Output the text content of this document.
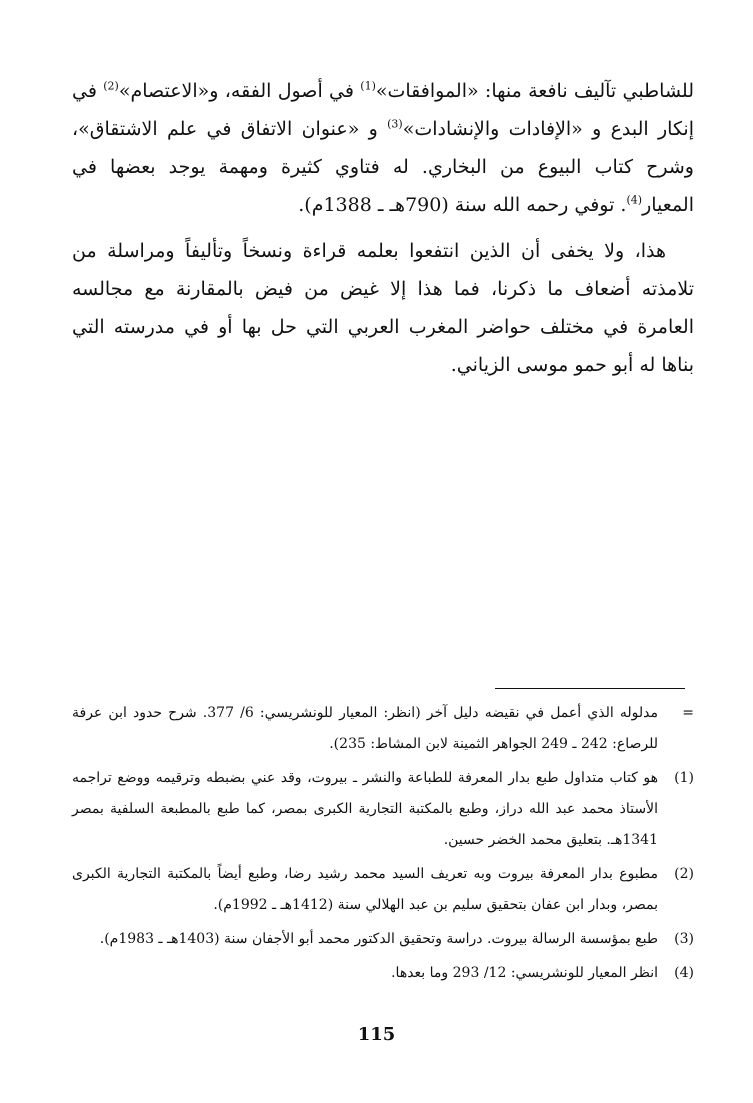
للشاطبي تآليف نافعة منها: «الموافقات»$^{(1)}$ في أصول الفقه، و«الاعتصام»$^{(2)}$ في إنكار البدع و «الإفادات والإنشادات»$^{(3)}$ و «عنوان الاتفاق في علم الاشتقاق»، وشرح كتاب البيوع من البخاري. له فتاوي كثيرة ومهمة يوجد بعضها في المعيار$^{(4)}$. توفي رحمه الله سنة (790هـ ـ 1388م).

هذا، ولا يخفى أن الذين انتفعوا بعلمه قراءة ونسخاً وتأليفاً ومراسلة من تلامذته أضعاف ما ذكرنا، فما هذا إلا غيض من فيض بالمقارنة مع مجالسه العامرة في مختلف حواضر المغرب العربي التي حل بها أو في مدرسته التي بناها له أبو حمو موسى الزياني.

=
مدلوله الذي أعمل في نقيضه دليل آخر (انظر: المعيار للونشريسي: 6/ 377. شرح حدود ابن عرفة للرصاع: 242 ـ 249 الجواهر الثمينة لابن المشاط: 235).
(1)
هو كتاب متداول طبع بدار المعرفة للطباعة والنشر ـ بيروت، وقد عني بضبطه وترقيمه ووضع تراجمه الأستاذ محمد عبد الله دراز، وطبع بالمكتبة التجارية الكبرى بمصر، كما طبع بالمطبعة السلفية بمصر 1341هـ. بتعليق محمد الخضر حسين.
(2)
مطبوع بدار المعرفة بيروت وبه تعريف السيد محمد رشيد رضا، وطبع أيضاً بالمكتبة التجارية الكبرى بمصر، وبدار ابن عفان بتحقيق سليم بن عبد الهلالي سنة (1412هـ ـ 1992م).
(3)
طبع بمؤسسة الرسالة بيروت. دراسة وتحقيق الدكتور محمد أبو الأجفان سنة (1403هـ ـ 1983م).
(4)
انظر المعيار للونشريسي: 12/ 293 وما بعدها.
115
